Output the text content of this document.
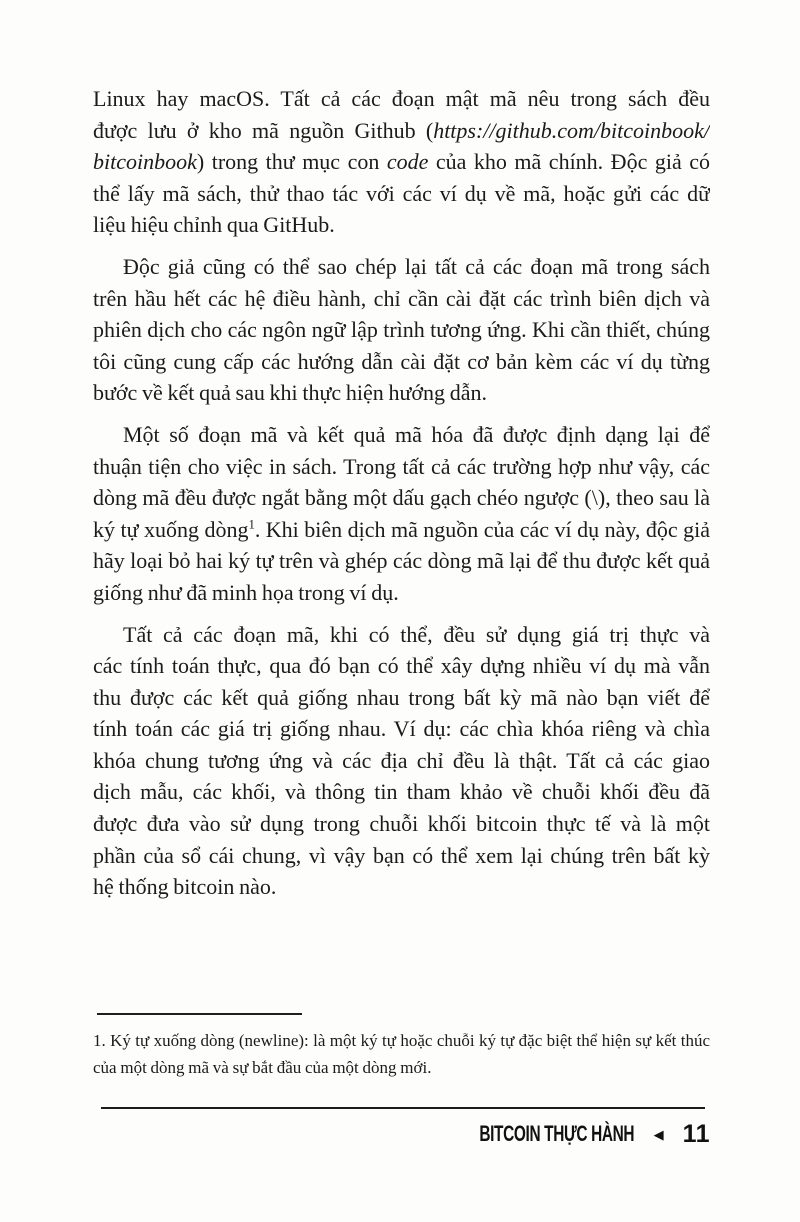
Linux hay macOS. Tất cả các đoạn mật mã nêu trong sách đều
được lưu ở kho mã nguồn Github (https://github.com/bitcoinbook/
bitcoinbook) trong thư mục con code của kho mã chính. Độc giả có
thể lấy mã sách, thử thao tác với các ví dụ về mã, hoặc gửi các dữ
liệu hiệu chỉnh qua GitHub.
Độc giả cũng có thể sao chép lại tất cả các đoạn mã trong sách
trên hầu hết các hệ điều hành, chỉ cần cài đặt các trình biên dịch và
phiên dịch cho các ngôn ngữ lập trình tương ứng. Khi cần thiết, chúng
tôi cũng cung cấp các hướng dẫn cài đặt cơ bản kèm các ví dụ từng
bước về kết quả sau khi thực hiện hướng dẫn.
Một số đoạn mã và kết quả mã hóa đã được định dạng lại để
thuận tiện cho việc in sách. Trong tất cả các trường hợp như vậy, các
dòng mã đều được ngắt bằng một dấu gạch chéo ngược (\), theo sau là
ký tự xuống dòng$^1$. Khi biên dịch mã nguồn của các ví dụ này, độc giả
hãy loại bỏ hai ký tự trên và ghép các dòng mã lại để thu được kết quả
giống như đã minh họa trong ví dụ.
Tất cả các đoạn mã, khi có thể, đều sử dụng giá trị thực và
các tính toán thực, qua đó bạn có thể xây dựng nhiều ví dụ mà vẫn
thu được các kết quả giống nhau trong bất kỳ mã nào bạn viết để
tính toán các giá trị giống nhau. Ví dụ: các chìa khóa riêng và chìa
khóa chung tương ứng và các địa chỉ đều là thật. Tất cả các giao
dịch mẫu, các khối, và thông tin tham khảo về chuỗi khối đều đã
được đưa vào sử dụng trong chuỗi khối bitcoin thực tế và là một
phần của sổ cái chung, vì vậy bạn có thể xem lại chúng trên bất kỳ
hệ thống bitcoin nào.
1. Ký tự xuống dòng (newline): là một ký tự hoặc chuỗi ký tự đặc biệt thể hiện sự kết thúc
của một dòng mã và sự bắt đầu của một dòng mới.
BITCOIN THỰC HÀNH ◀ 11
